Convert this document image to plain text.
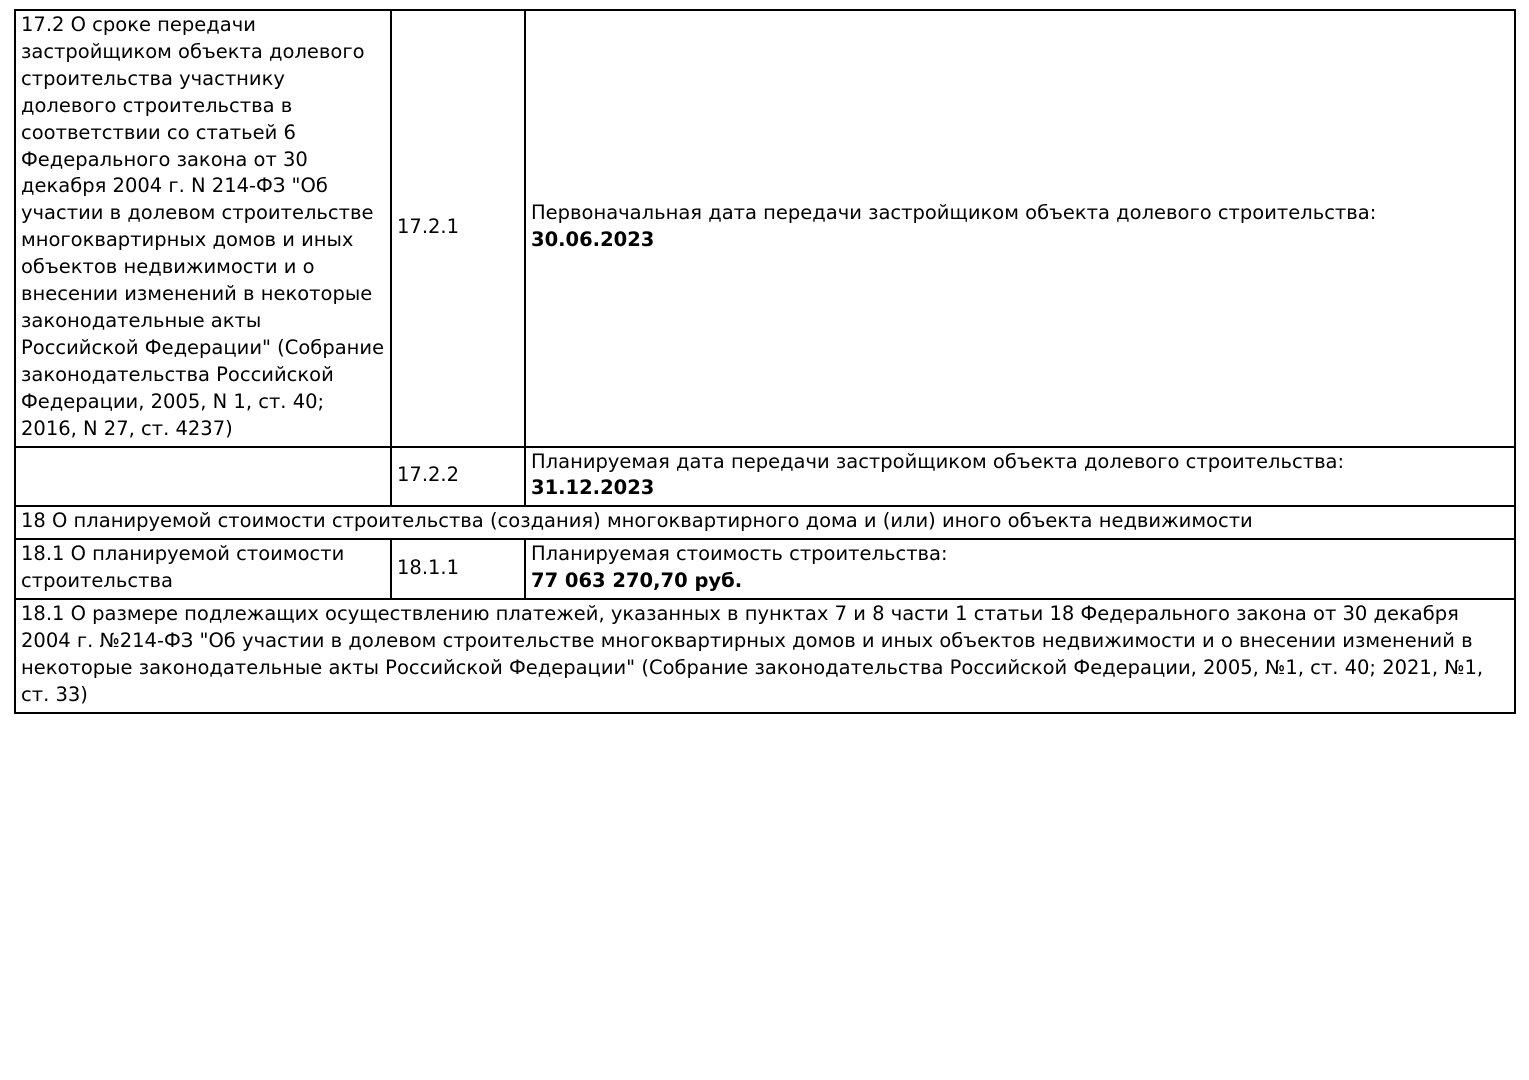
17.2 О сроке передачи застройщиком объекта долевого строительства участнику долевого строительства в соответствии со статьей 6 Федерального закона от 30 декабря 2004 г. N 214-ФЗ "Об участии в долевом строительстве многоквартирных домов и иных объектов недвижимости и о внесении изменений в некоторые законодательные акты Российской Федерации" (Собрание законодательства Российской Федерации, 2005, N 1, ст. 40; 2016, N 27, ст. 4237)	17.2.1	Первоначальная дата передачи застройщиком объекта долевого строительства:
30.06.2023

	17.2.2	Планируемая дата передачи застройщиком объекта долевого строительства:
31.12.2023

18 О планируемой стоимости строительства (создания) многоквартирного дома и (или) иного объекта недвижимости		
18.1 О планируемой стоимости строительства	18.1.1	Планируемая стоимость строительства:
77 063 270,70 руб.

18.1 О размере подлежащих осуществлению платежей, указанных в пунктах 7 и 8 части 1 статьи 18 Федерального закона от 30 декабря 2004 г. №214-ФЗ "Об участии в долевом строительстве многоквартирных домов и иных объектов недвижимости и о внесении изменений в некоторые законодательные акты Российской Федерации" (Собрание законодательства Российской Федерации, 2005, №1, ст. 40; 2021, №1, ст. 33)		
